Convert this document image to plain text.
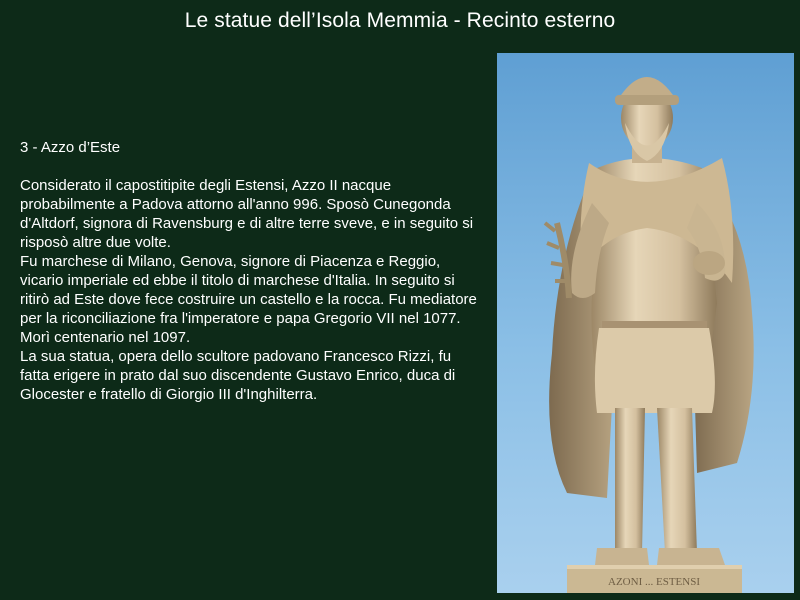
Le statue dell’Isola Memmia - Recinto esterno
3 - Azzo d’Este

Considerato il capostitipite degli Estensi, Azzo II nacque probabilmente a Padova attorno all'anno 996. Sposò Cunegonda d'Altdorf, signora di Ravensburg e di altre terre sveve, e in seguito si risposò altre due volte.

Fu marchese di Milano, Genova, signore di Piacenza e Reggio, vicario imperiale ed ebbe il titolo di marchese d'Italia. In seguito si ritirò ad Este dove fece costruire un castello e la rocca. Fu mediatore per la riconciliazione fra l'imperatore e papa Gregorio VII nel 1077. Morì centenario nel 1097.

La sua statua, opera dello scultore padovano Francesco Rizzi, fu fatta erigere in prato dal suo discendente Gustavo Enrico, duca di Glocester e fratello di Giorgio III d'Inghilterra.

AZONI ... ESTENSI
